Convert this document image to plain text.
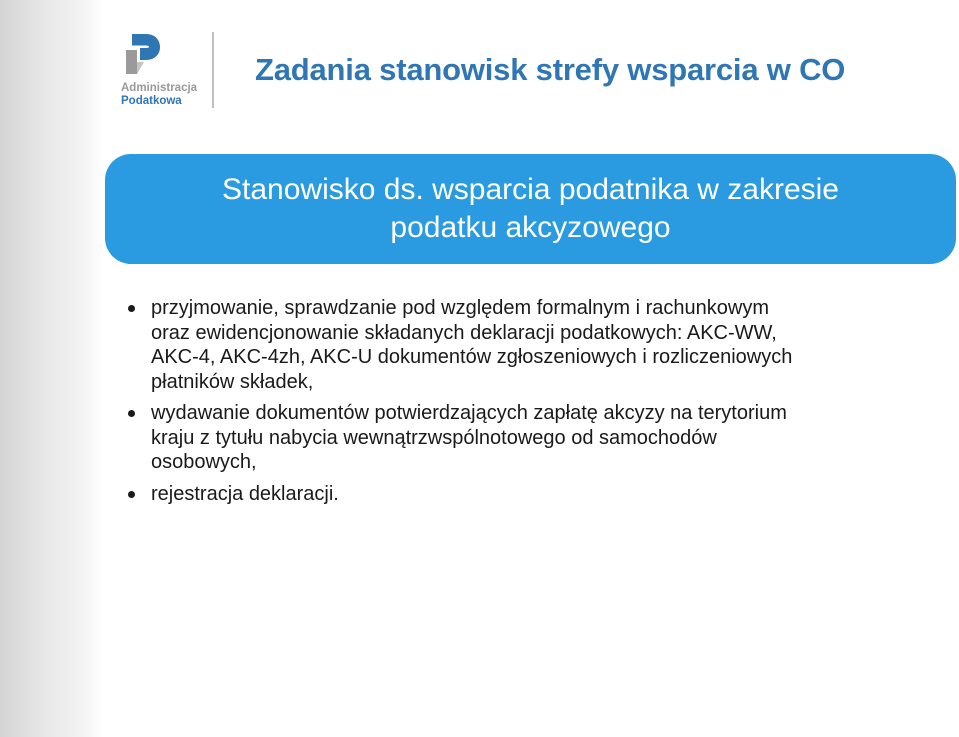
Administracja
Podatkowa
Zadania stanowisk strefy wsparcia w CO
Stanowisko ds. wsparcia podatnika w zakresie
podatku akcyzowego
przyjmowanie, sprawdzanie pod względem formalnym i rachunkowym
oraz ewidencjonowanie składanych deklaracji podatkowych: AKC-WW,
AKC-4, AKC-4zh, AKC-U dokumentów zgłoszeniowych i rozliczeniowych
płatników składek,
wydawanie dokumentów potwierdzających zapłatę akcyzy na terytorium
kraju z tytułu nabycia wewnątrzwspólnotowego od samochodów
osobowych,
rejestracja deklaracji.
